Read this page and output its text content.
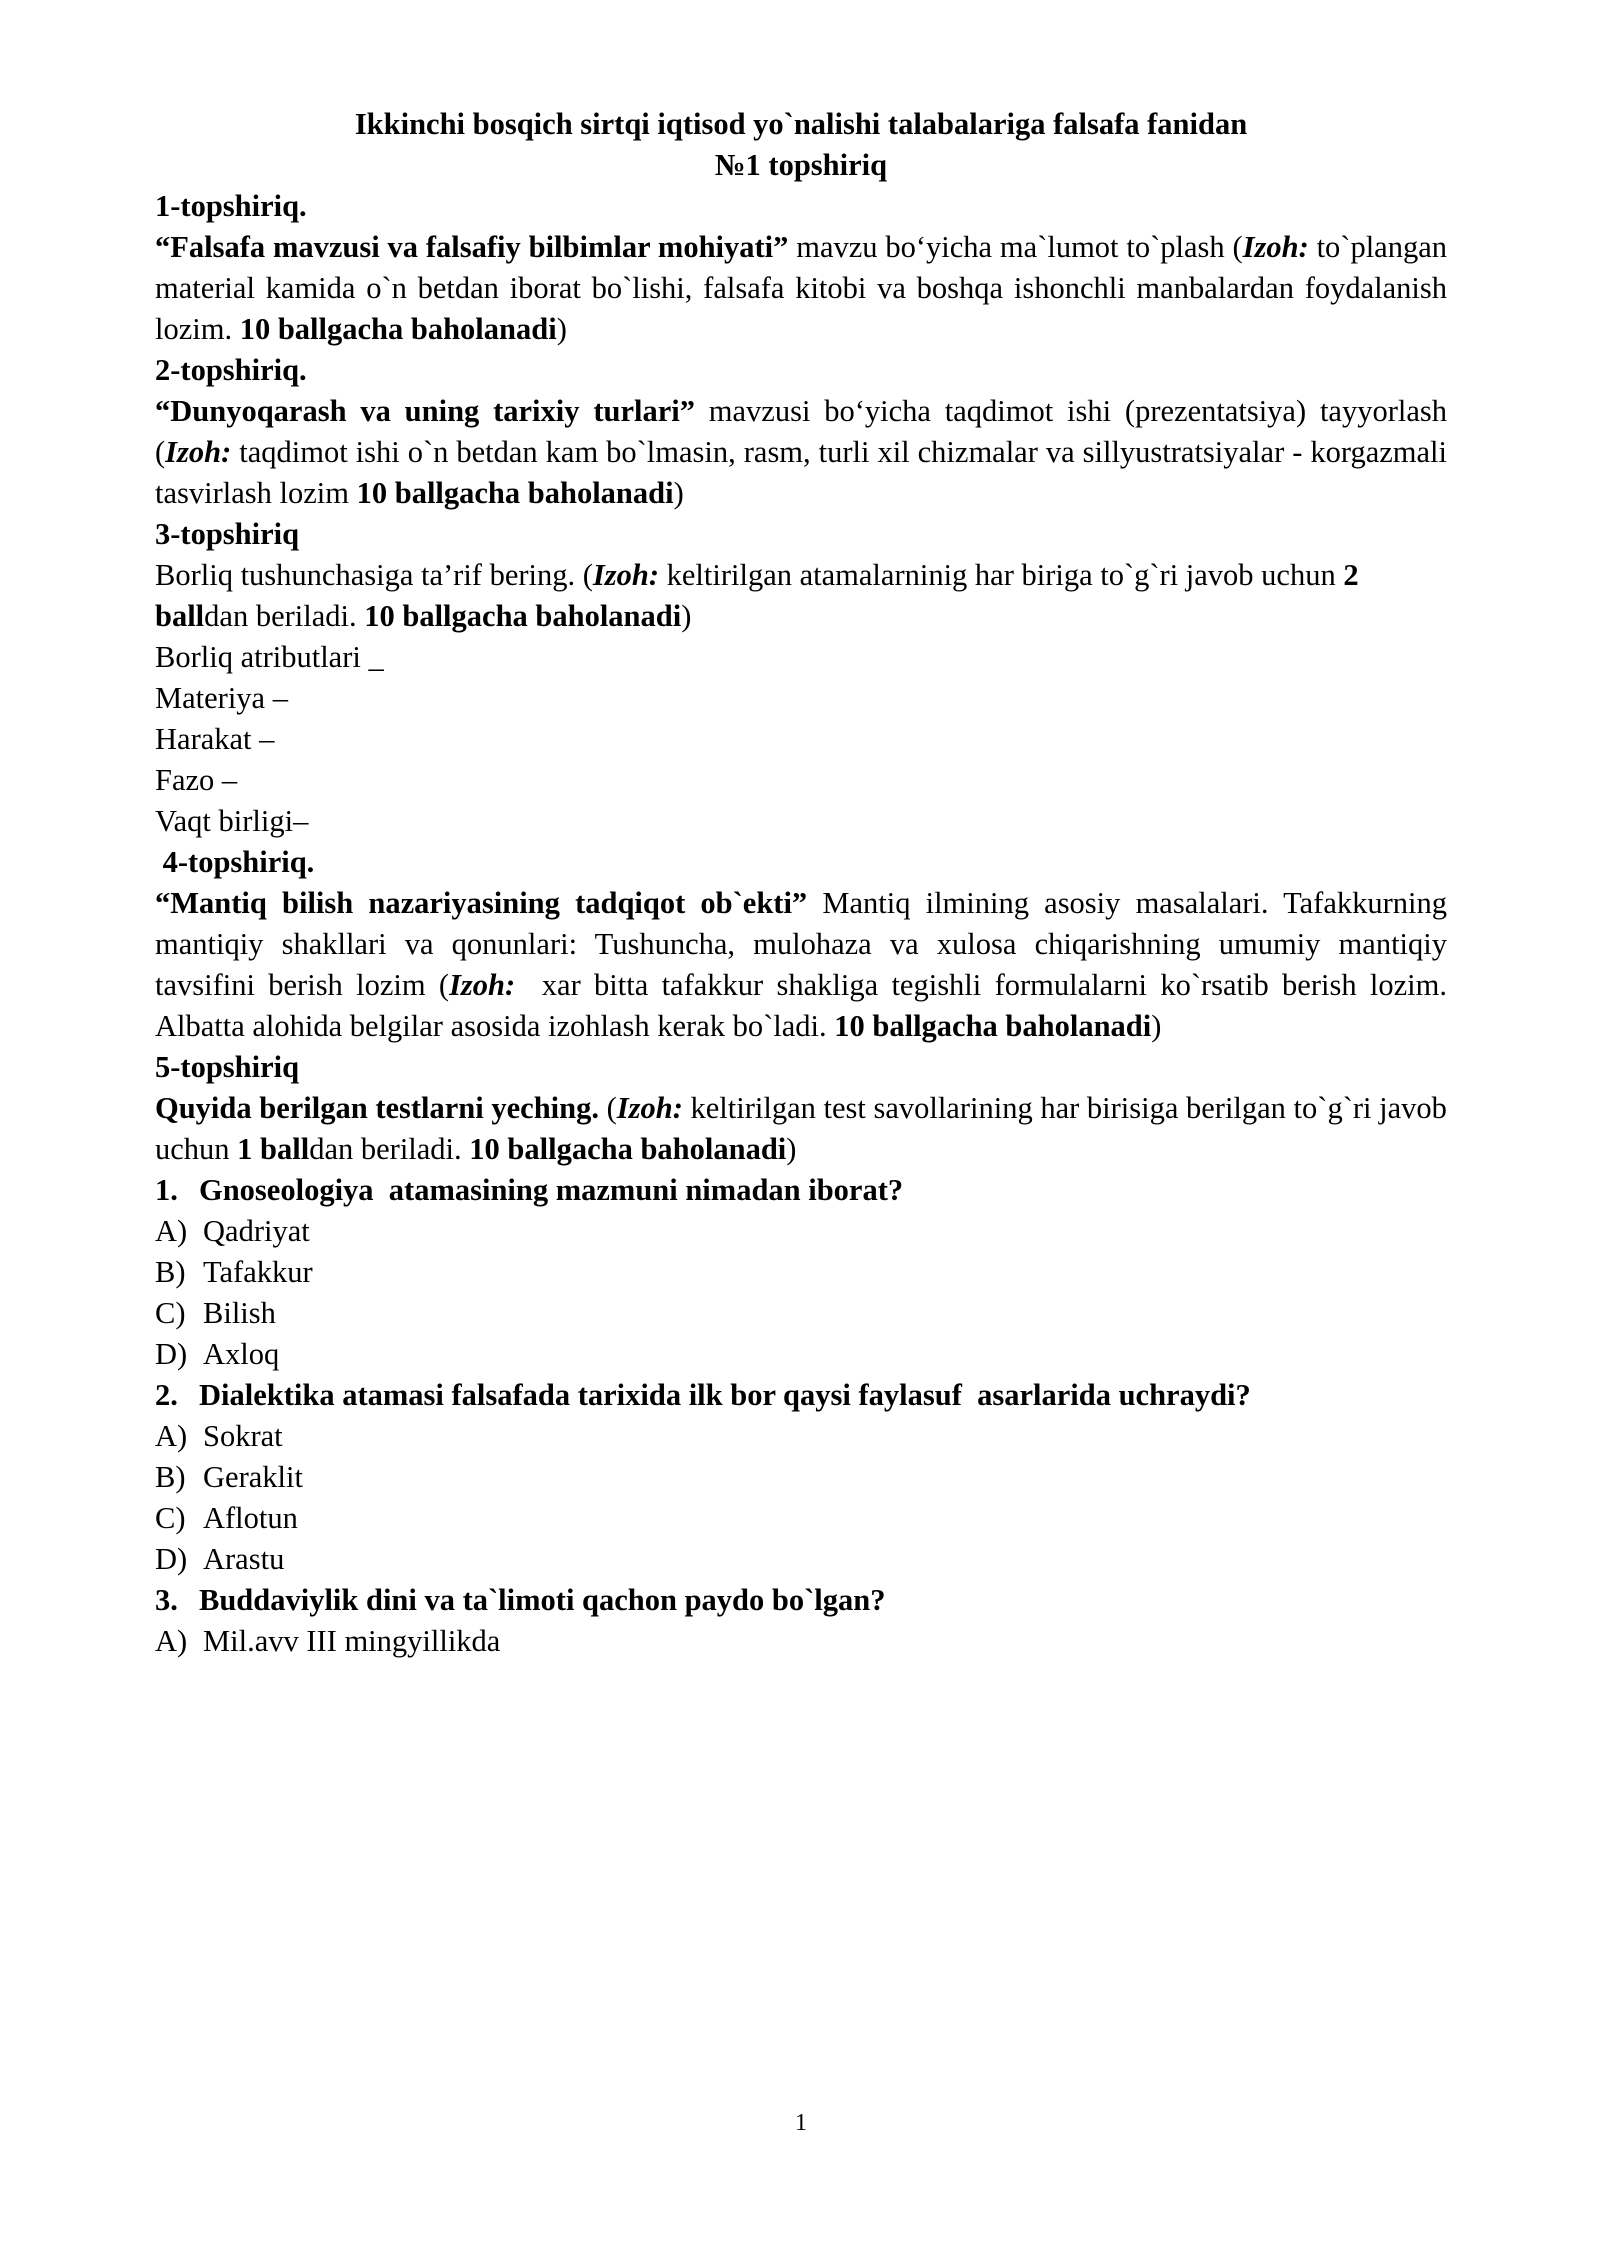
Ikkinchi bosqich sirtqi iqtisod yo`nalishi talabalariga falsafa fanidan
№1 topshiriq

1-topshiriq.

“Falsafa mavzusi va falsafiy bilbimlar mohiyati” mavzu bo‘yicha ma`lumot to`plash (Izoh: to`plangan material kamida o`n betdan iborat bo`lishi, falsafa kitobi va boshqa ishonchli manbalardan foydalanish lozim. 10 ballgacha baholanadi)

2-topshiriq.

“Dunyoqarash va uning tarixiy turlari” mavzusi bo‘yicha taqdimot ishi (prezentatsiya) tayyorlash (Izoh: taqdimot ishi o`n betdan kam bo`lmasin, rasm, turli xil chizmalar va sillyustratsiyalar - korgazmali tasvirlash lozim 10 ballgacha baholanadi)

3-topshiriq

Borliq tushunchasiga ta’rif bering. (Izoh: keltirilgan atamalarninig har biriga to`g`ri javob uchun 2 balldan beriladi. 10 ballgacha baholanadi)

Borliq atributlari _

Materiya –

Harakat –

Fazo –

Vaqt birligi–

4-topshiriq.

“Mantiq bilish nazariyasining tadqiqot ob`ekti” Mantiq ilmining asosiy masalalari. Tafakkurning mantiqiy shakllari va qonunlari: Tushuncha, mulohaza va xulosa chiqarishning umumiy mantiqiy tavsifini berish lozim (Izoh:  xar bitta tafakkur shakliga tegishli formulalarni ko`rsatib berish lozim. Albatta alohida belgilar asosida izohlash kerak bo`ladi. 10 ballgacha baholanadi)

5-topshiriq

Quyida berilgan testlarni yeching. (Izoh: keltirilgan test savollarining har birisiga berilgan to`g`ri javob uchun 1 balldan beriladi. 10 ballgacha baholanadi)

1. Gnoseologiya  atamasining mazmuni nimadan iborat?

A) Qadriyat

B) Tafakkur

C) Bilish

D) Axloq

2. Dialektika atamasi falsafada tarixida ilk bor qaysi faylasuf  asarlarida uchraydi?

A) Sokrat

B) Geraklit

C) Aflotun

D) Arastu

3. Buddaviylik dini va ta`limoti qachon paydo bo`lgan?

A) Mil.avv III mingyillikda

1
